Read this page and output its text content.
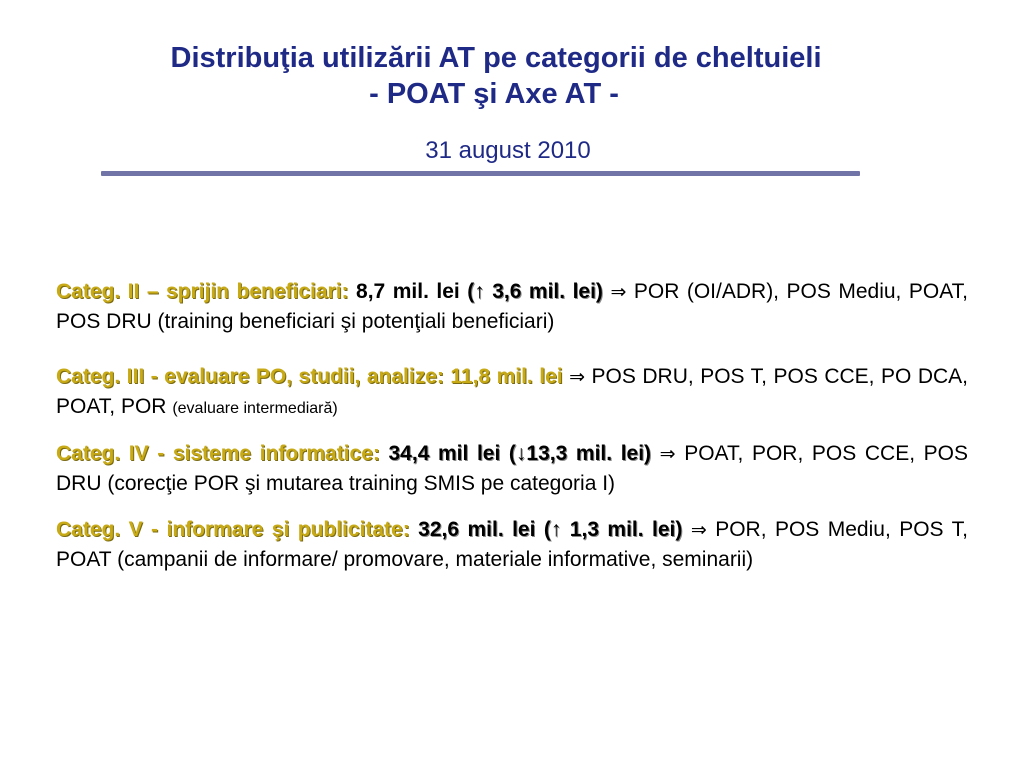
Distribuţia utilizării AT pe categorii de cheltuieli

- POAT şi Axe AT -

31 august 2010

Categ. II – sprijin beneficiari: 8,7 mil. lei (↑ 3,6 mil. lei) ⇒ POR (OI/ADR), POS Mediu, POAT, POS DRU (training beneficiari şi potenţiali beneficiari)

Categ. III - evaluare PO, studii, analize: 11,8 mil. lei ⇒ POS DRU, POS T, POS CCE, PO DCA, POAT, POR (evaluare intermediară)

Categ. IV - sisteme informatice: 34,4 mil lei (↓13,3 mil. lei) ⇒ POAT, POR, POS CCE, POS DRU (corecţie POR şi mutarea training SMIS pe categoria I)

Categ. V - informare şi publicitate: 32,6 mil. lei (↑ 1,3 mil. lei) ⇒ POR, POS Mediu, POS T, POAT (campanii de informare/ promovare, materiale informative, seminarii)
